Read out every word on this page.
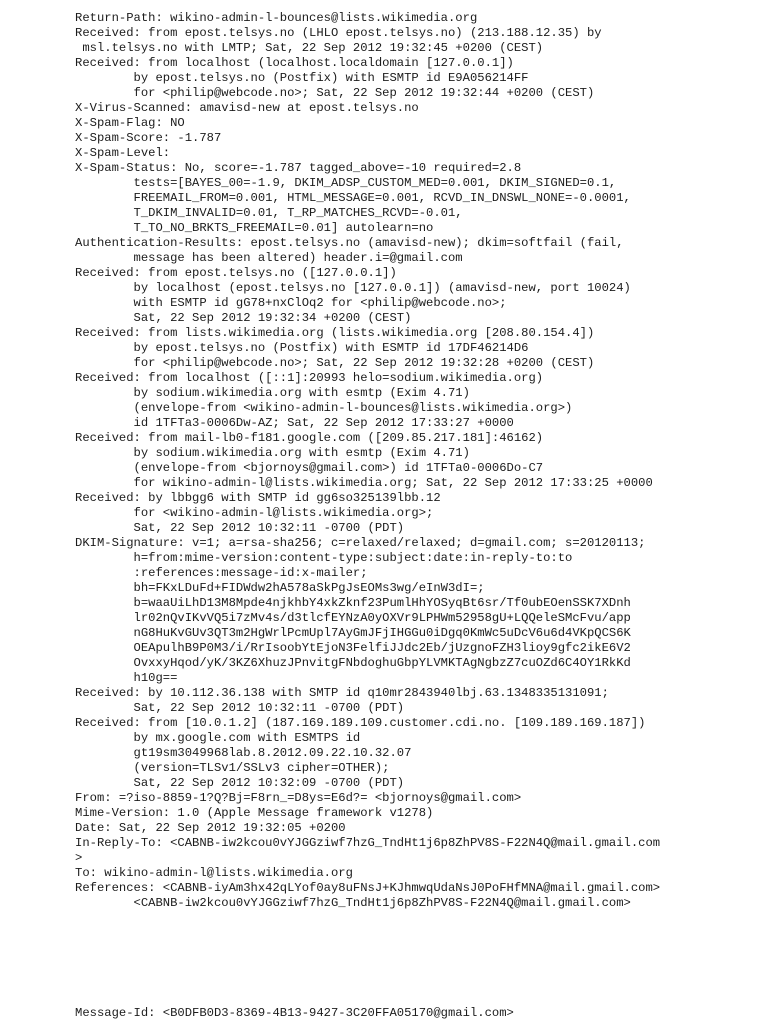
Return-Path: wikino-admin-l-bounces@lists.wikimedia.org
Received: from epost.telsys.no (LHLO epost.telsys.no) (213.188.12.35) by
msl.telsys.no with LMTP; Sat, 22 Sep 2012 19:32:45 +0200 (CEST)
Received: from localhost (localhost.localdomain [127.0.0.1])
by epost.telsys.no (Postfix) with ESMTP id E9A056214FF
for <philip@webcode.no>; Sat, 22 Sep 2012 19:32:44 +0200 (CEST)
X-Virus-Scanned: amavisd-new at epost.telsys.no
X-Spam-Flag: NO
X-Spam-Score: -1.787
X-Spam-Level:
X-Spam-Status: No, score=-1.787 tagged_above=-10 required=2.8
tests=[BAYES_00=-1.9, DKIM_ADSP_CUSTOM_MED=0.001, DKIM_SIGNED=0.1,
FREEMAIL_FROM=0.001, HTML_MESSAGE=0.001, RCVD_IN_DNSWL_NONE=-0.0001,
T_DKIM_INVALID=0.01, T_RP_MATCHES_RCVD=-0.01,
T_TO_NO_BRKTS_FREEMAIL=0.01] autolearn=no
Authentication-Results: epost.telsys.no (amavisd-new); dkim=softfail (fail,
message has been altered) header.i=@gmail.com
Received: from epost.telsys.no ([127.0.0.1])
by localhost (epost.telsys.no [127.0.0.1]) (amavisd-new, port 10024)
with ESMTP id gG78+nxClOq2 for <philip@webcode.no>;
Sat, 22 Sep 2012 19:32:34 +0200 (CEST)
Received: from lists.wikimedia.org (lists.wikimedia.org [208.80.154.4])
by epost.telsys.no (Postfix) with ESMTP id 17DF46214D6
for <philip@webcode.no>; Sat, 22 Sep 2012 19:32:28 +0200 (CEST)
Received: from localhost ([::1]:20993 helo=sodium.wikimedia.org)
by sodium.wikimedia.org with esmtp (Exim 4.71)
(envelope-from <wikino-admin-l-bounces@lists.wikimedia.org>)
id 1TFTa3-0006Dw-AZ; Sat, 22 Sep 2012 17:33:27 +0000
Received: from mail-lb0-f181.google.com ([209.85.217.181]:46162)
by sodium.wikimedia.org with esmtp (Exim 4.71)
(envelope-from <bjornoys@gmail.com>) id 1TFTa0-0006Do-C7
for wikino-admin-l@lists.wikimedia.org; Sat, 22 Sep 2012 17:33:25 +0000
Received: by lbbgg6 with SMTP id gg6so325139lbb.12
for <wikino-admin-l@lists.wikimedia.org>;
Sat, 22 Sep 2012 10:32:11 -0700 (PDT)
DKIM-Signature: v=1; a=rsa-sha256; c=relaxed/relaxed; d=gmail.com; s=20120113;
h=from:mime-version:content-type:subject:date:in-reply-to:to
:references:message-id:x-mailer;
bh=FKxLDuFd+FIDWdw2hA578aSkPgJsEOMs3wg/eInW3dI=;
b=waaUiLhD13M8Mpde4njkhbY4xkZknf23PumlHhYOSyqBt6sr/Tf0ubEOenSSK7XDnh
lr02nQvIKvVQ5i7zMv4s/d3tlcfEYNzA0yOXVr9LPHWm52958gU+LQQeleSMcFvu/app
nG8HuKvGUv3QT3m2HgWrlPcmUpl7AyGmJFjIHGGu0iDgq0KmWc5uDcV6u6d4VKpQCS6K
OEApulhB9P0M3/i/RrIsoobYtEjoN3FelfiJJdc2Eb/jUzgnoFZH3lioy9gfc2ikE6V2
OvxxyHqod/yK/3KZ6XhuzJPnvitgFNbdoghuGbpYLVMKTAgNgbzZ7cuOZd6C4OY1RkKd
h10g==
Received: by 10.112.36.138 with SMTP id q10mr2843940lbj.63.1348335131091;
Sat, 22 Sep 2012 10:32:11 -0700 (PDT)
Received: from [10.0.1.2] (187.169.189.109.customer.cdi.no. [109.189.169.187])
by mx.google.com with ESMTPS id
gt19sm3049968lab.8.2012.09.22.10.32.07
(version=TLSv1/SSLv3 cipher=OTHER);
Sat, 22 Sep 2012 10:32:09 -0700 (PDT)
From: =?iso-8859-1?Q?Bj=F8rn_=D8ys=E6d?= <bjornoys@gmail.com>
Mime-Version: 1.0 (Apple Message framework v1278)
Date: Sat, 22 Sep 2012 19:32:05 +0200
In-Reply-To: <CABNB-iw2kcou0vYJGGziwf7hzG_TndHt1j6p8ZhPV8S-F22N4Q@mail.gmail.com
>
To: wikino-admin-l@lists.wikimedia.org
References: <CABNB-iyAm3hx42qLYof0ay8uFNsJ+KJhmwqUdaNsJ0PoFHfMNA@mail.gmail.com>
<CABNB-iw2kcou0vYJGGziwf7hzG_TndHt1j6p8ZhPV8S-F22N4Q@mail.gmail.com>
Message-Id: <B0DFB0D3-8369-4B13-9427-3C20FFA05170@gmail.com>
